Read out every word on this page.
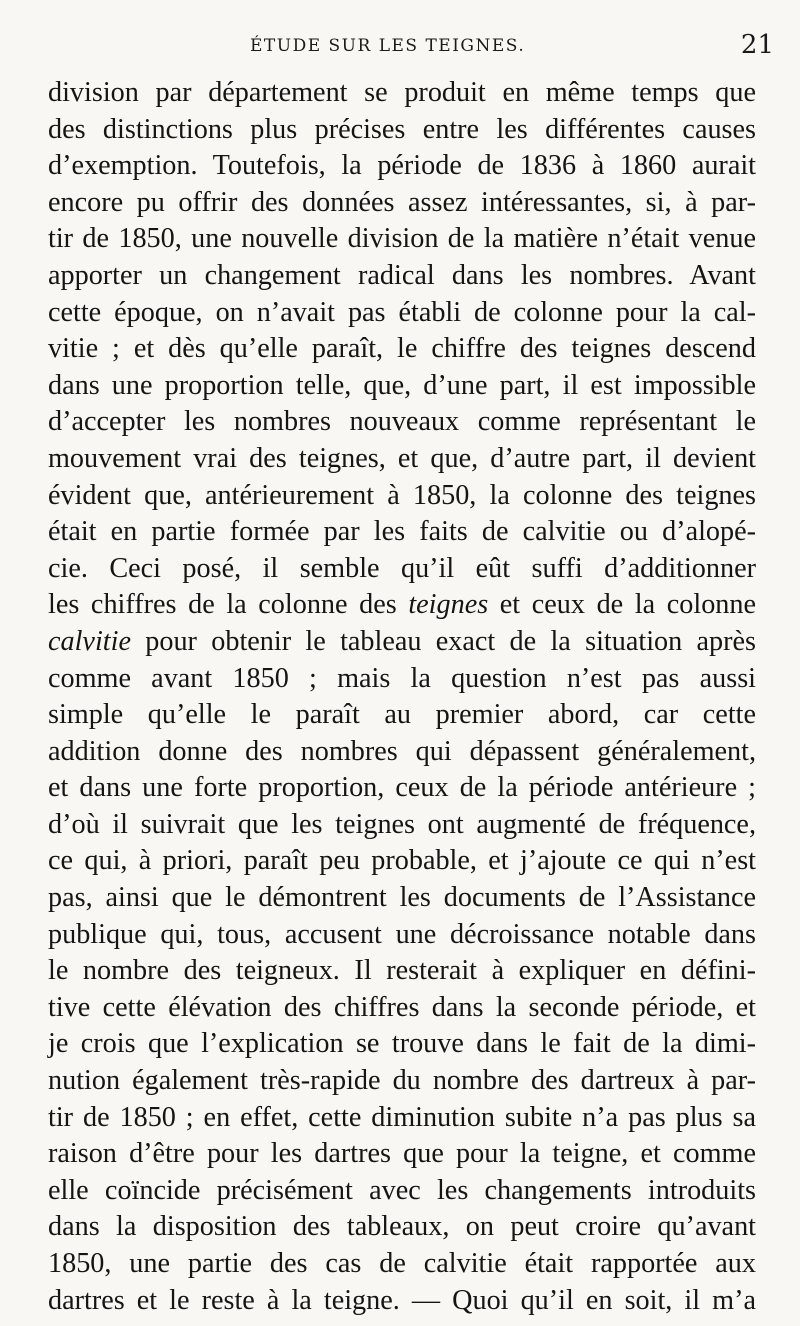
ÉTUDE SUR LES TEIGNES.	21
division par département se produit en même temps que
des distinctions plus précises entre les différentes causes
d’exemption. Toutefois, la période de 1836 à 1860 aurait
encore pu offrir des données assez intéressantes, si, à par-
tir de 1850, une nouvelle division de la matière n’était venue
apporter un changement radical dans les nombres. Avant
cette époque, on n’avait pas établi de colonne pour la cal-
vitie ; et dès qu’elle paraît, le chiffre des teignes descend
dans une proportion telle, que, d’une part, il est impossible
d’accepter les nombres nouveaux comme représentant le
mouvement vrai des teignes, et que, d’autre part, il devient
évident que, antérieurement à 1850, la colonne des teignes
était en partie formée par les faits de calvitie ou d’alopé-
cie. Ceci posé, il semble qu’il eût suffi d’additionner
les chiffres de la colonne des teignes et ceux de la colonne
calvitie pour obtenir le tableau exact de la situation après
comme avant 1850 ; mais la question n’est pas aussi
simple qu’elle le paraît au premier abord, car cette
addition donne des nombres qui dépassent généralement,
et dans une forte proportion, ceux de la période antérieure ;
d’où il suivrait que les teignes ont augmenté de fréquence,
ce qui, à priori, paraît peu probable, et j’ajoute ce qui n’est
pas, ainsi que le démontrent les documents de l’Assistance
publique qui, tous, accusent une décroissance notable dans
le nombre des teigneux. Il resterait à expliquer en défini-
tive cette élévation des chiffres dans la seconde période, et
je crois que l’explication se trouve dans le fait de la dimi-
nution également très-rapide du nombre des dartreux à par-
tir de 1850 ; en effet, cette diminution subite n’a pas plus sa
raison d’être pour les dartres que pour la teigne, et comme
elle coïncide précisément avec les changements introduits
dans la disposition des tableaux, on peut croire qu’avant
1850, une partie des cas de calvitie était rapportée aux
dartres et le reste à la teigne. — Quoi qu’il en soit, il m’a
